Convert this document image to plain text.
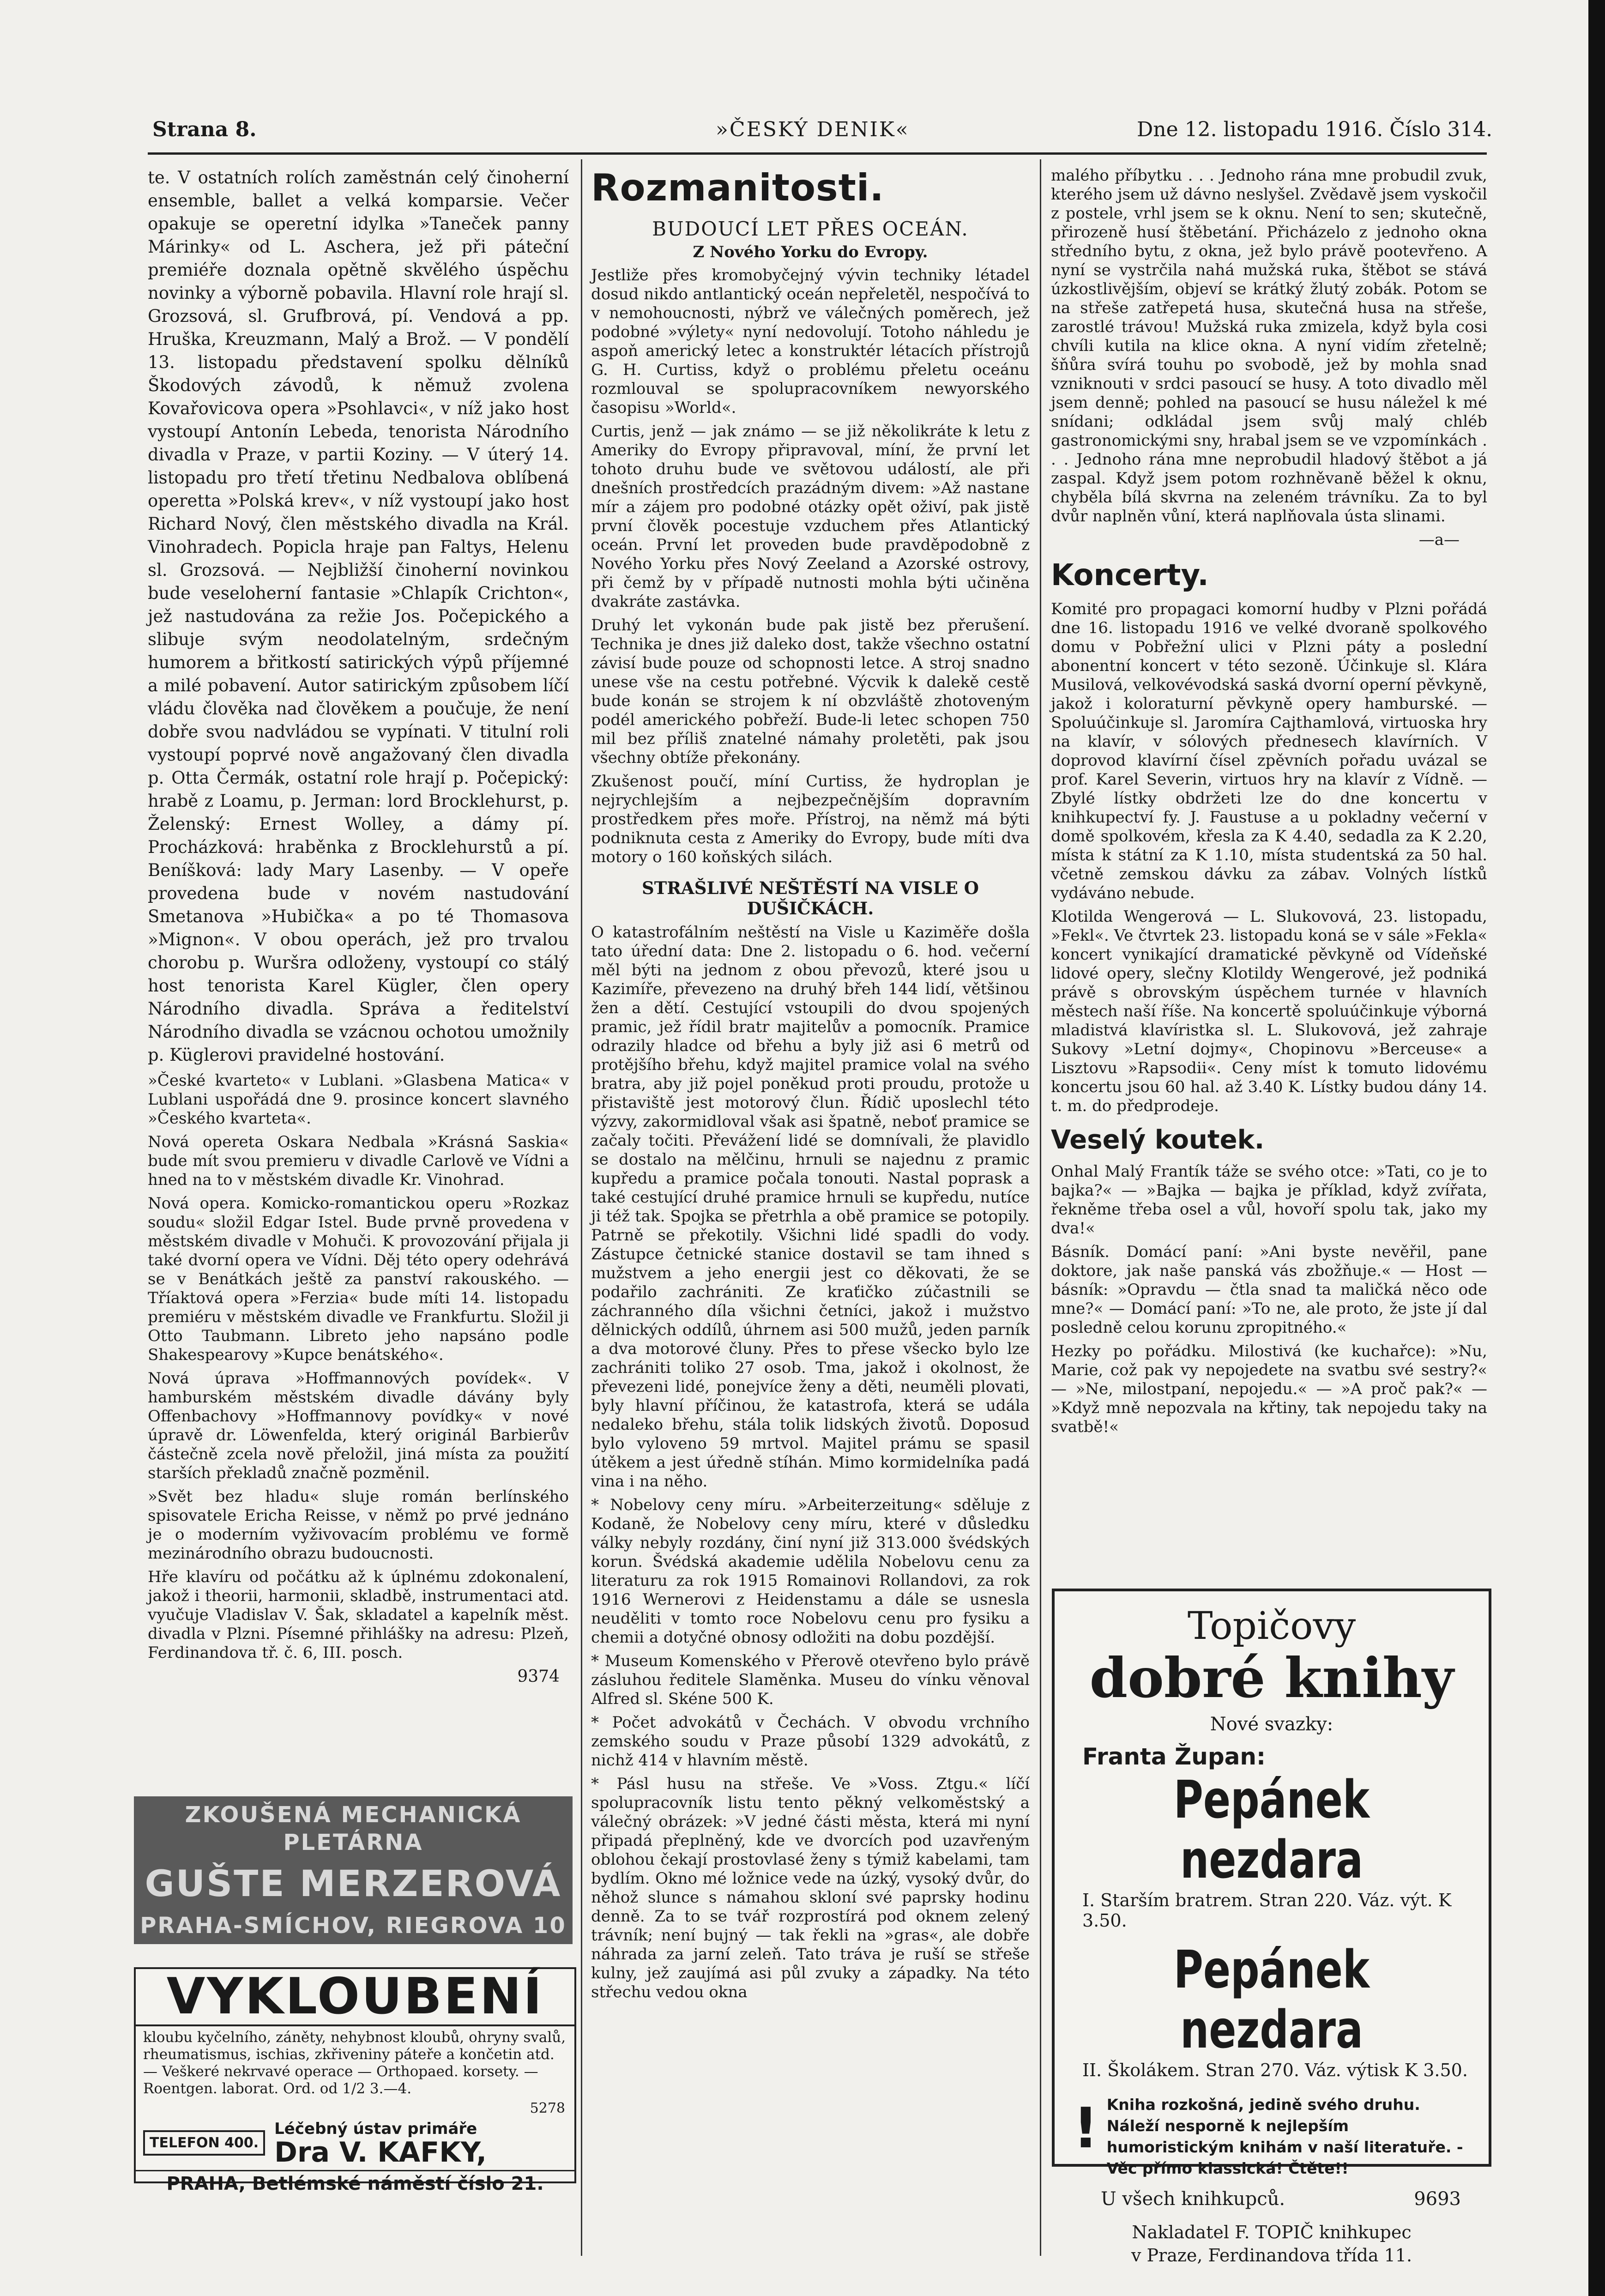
Strana 8.	»ČESKÝ DENIK«	Dne 12. listopadu 1916. Číslo 314.

te. V ostatních rolích zaměstnán celý činoherní ensemble, ballet a velká komparsie. Večer opakuje se operetní idylka »Taneček panny Márinky« od L. Aschera, jež při páteční premiéře doznala opětně skvělého úspěchu novinky a výborně pobavila. Hlavní role hrají sl. Grozsová, sl. Grufbrová, pí. Vendová a pp. Hruška, Kreuzmann, Malý a Brož. — V pondělí 13. listopadu představení spolku dělníků Škodových závodů, k němuž zvolena Kovařovicova opera »Psohlavci«, v níž jako host vystoupí Antonín Lebeda, tenorista Národního divadla v Praze, v partii Koziny. — V úterý 14. listopadu pro třetí třetinu Nedbalova oblíbená operetta »Polská krev«, v níž vystoupí jako host Richard Nový, člen městského divadla na Král. Vinohradech. Popicla hraje pan Faltys, Helenu sl. Grozsová. — Nejbližší činoherní novinkou bude veseloherní fantasie »Chlapík Crichton«, jež nastudována za režie Jos. Počepického a slibuje svým neodolatelným, srdečným humorem a břitkostí satirických výpů příjemné a milé pobavení. Autor satirickým způsobem líčí vládu člověka nad člověkem a poučuje, že není dobře svou nadvládou se vypínati. V titulní roli vystoupí poprvé nově angažovaný člen divadla p. Otta Čermák, ostatní role hrají p. Počepický: hrabě z Loamu, p. Jerman: lord Brocklehurst, p. Želenský: Ernest Wolley, a dámy pí. Procházková: hraběnka z Brocklehurstů a pí. Beníšková: lady Mary Lasenby. — V opeře provedena bude v novém nastudování Smetanova »Hubička« a po té Thomasova »Mignon«. V obou operách, jež pro trvalou chorobu p. Wuršra odloženy, vystoupí co stálý host tenorista Karel Kügler, člen opery Národního divadla. Správa a ředitelství Národního divadla se vzácnou ochotou umožnily p. Küglerovi pravidelné hostování.

»České kvarteto« v Lublani. »Glasbena Matica« v Lublani uspořádá dne 9. prosince koncert slavného »Českého kvarteta«.

Nová opereta Oskara Nedbala »Krásná Saskia« bude mít svou premieru v divadle Carlově ve Vídni a hned na to v městském divadle Kr. Vinohrad.

Nová opera. Komicko-romantickou operu »Rozkaz soudu« složil Edgar Istel. Bude prvně provedena v městském divadle v Mohuči. K provozování přijala ji také dvorní opera ve Vídni. Děj této opery odehrává se v Benátkách ještě za panství rakouského. — Tříaktová opera »Ferzia« bude míti 14. listopadu premiéru v městském divadle ve Frankfurtu. Složil ji Otto Taubmann. Libreto jeho napsáno podle Shakespearovy »Kupce benátského«.

Nová úprava »Hoffmannových povídek«. V hamburském městském divadle dávány byly Offenbachovy »Hoffmannovy povídky« v nové úpravě dr. Löwenfelda, který originál Barbierův částečně zcela nově přeložil, jiná místa za použití starších překladů značně pozměnil.

»Svět bez hladu« sluje román berlínského spisovatele Ericha Reisse, v němž po prvé jednáno je o moderním vyživovacím problému ve formě mezinárodního obrazu budoucnosti.

Hře klavíru od počátku až k úplnému zdokonalení, jakož i theorii, harmonii, skladbě, instrumentaci atd. vyučuje Vladislav V. Šak, skladatel a kapelník měst. divadla v Plzni. Písemné přihlášky na adresu: Plzeň, Ferdinandova tř. č. 6, III. posch.

9374
ZKOUŠENÁ MECHANICKÁ PLETÁRNA
GUŠTE MERZEROVÁ
PRAHA-SMÍCHOV, RIEGROVA 10
VYKLOUBENÍ

kloubu kyčelního, záněty, nehybnost kloubů, ohryny svalů, rheumatismus, ischias, zkřiveniny páteře a končetin atd. — Veškeré nekrvavé operace — Orthopaed. korsety. — Roentgen. laborat. Ord. od 1/2 3.—4.

5278
TELEFON 400.
Léčebný ústav primáře
Dra V. KAFKY,
PRAHA, Betlémské náměstí číslo 21.
Rozmanitosti.
BUDOUCÍ LET PŘES OCEÁN.
Z Nového Yorku do Evropy.

Jestliže přes kromobyčejný vývin techniky létadel dosud nikdo antlantický oceán nepřeletěl, nespočívá to v nemohoucnosti, nýbrž ve válečných poměrech, jež podobné »výlety« nyní nedovolují. Totoho náhledu je aspoň americký letec a konstruktér létacích přístrojů G. H. Curtiss, když o problému přeletu oceánu rozmlouval se spolupracovníkem newyorského časopisu »World«.

Curtis, jenž — jak známo — se již několikráte k letu z Ameriky do Evropy připravoval, míní, že první let tohoto druhu bude ve světovou událostí, ale při dnešních prostředcích prazádným divem: »Až nastane mír a zájem pro podobné otázky opět oživí, pak jistě první člověk pocestuje vzduchem přes Atlantický oceán. První let proveden bude pravděpodobně z Nového Yorku přes Nový Zeeland a Azorské ostrovy, při čemž by v případě nutnosti mohla býti učiněna dvakráte zastávka.

Druhý let vykonán bude pak jistě bez přerušení. Technika je dnes již daleko dost, takže všechno ostatní závisí bude pouze od schopnosti letce. A stroj snadno unese vše na cestu potřebné. Výcvik k dalekě cestě bude konán se strojem k ní obzvláště zhotoveným podél amerického pobřeží. Bude-li letec schopen 750 mil bez příliš znatelné námahy proletěti, pak jsou všechny obtíže překonány.

Zkušenost poučí, míní Curtiss, že hydroplan je nejrychlejším a nejbezpečnějším dopravním prostředkem přes moře. Přístroj, na němž má býti podniknuta cesta z Ameriky do Evropy, bude míti dva motory o 160 koňských silách.

STRAŠLIVÉ NEŠTĚSTÍ NA VISLE O DUŠIČKÁCH.

O katastrofálním neštěstí na Visle u Kaziměře došla tato úřední data: Dne 2. listopadu o 6. hod. večerní měl býti na jednom z obou převozů, které jsou u Kazimíře, převezeno na druhý břeh 144 lidí, většinou žen a dětí. Cestující vstoupili do dvou spojených pramic, jež řídil bratr majitelův a pomocník. Pramice odrazily hladce od břehu a byly již asi 6 metrů od protějšího břehu, když majitel pramice volal na svého bratra, aby již pojel poněkud proti proudu, protože u přistaviště jest motorový člun. Řídič uposlechl této výzvy, zakormidloval však asi špatně, neboť pramice se začaly točiti. Převážení lidé se domnívali, že plavidlo se dostalo na mělčinu, hrnuli se najednu z pramic kupředu a pramice počala tonouti. Nastal poprask a také cestující druhé pramice hrnuli se kupředu, nutíce ji též tak. Spojka se přetrhla a obě pramice se potopily. Patrně se překotily. Všichni lidé spadli do vody. Zástupce četnické stanice dostavil se tam ihned s mužstvem a jeho energii jest co děkovati, že se podařilo zachrániti. Ze kraťičko zúčastnili se záchranného díla všichni četníci, jakož i mužstvo dělnických oddílů, úhrnem asi 500 mužů, jeden parník a dva motorové čluny. Přes to přese všecko bylo lze zachrániti toliko 27 osob. Tma, jakož i okolnost, že převezeni lidé, ponejvíce ženy a děti, neuměli plovati, byly hlavní příčinou, že katastrofa, která se udála nedaleko břehu, stála tolik lidských životů. Doposud bylo vyloveno 59 mrtvol. Majitel prámu se spasil útěkem a jest úředně stíhán. Mimo kormidelníka padá vina i na něho.

* Nobelovy ceny míru. »Arbeiterzeitung« sděluje z Kodaně, že Nobelovy ceny míru, které v důsledku války nebyly rozdány, činí nyní již 313.000 švédských korun. Švédská akademie udělila Nobelovu cenu za literaturu za rok 1915 Romainovi Rollandovi, za rok 1916 Wernerovi z Heidenstamu a dále se usnesla neuděliti v tomto roce Nobelovu cenu pro fysiku a chemii a dotyčné obnosy odložiti na dobu pozdější.

* Museum Komenského v Přerově otevřeno bylo právě zásluhou ředitele Slaměnka. Museu do vínku věnoval Alfred sl. Skéne 500 K.

* Počet advokátů v Čechách. V obvodu vrchního zemského soudu v Praze působí 1329 advokátů, z nichž 414 v hlavním městě.

* Pásl husu na střeše. Ve »Voss. Ztgu.« líčí spolupracovník listu tento pěkný velkoměstský a válečný obrázek: »V jedné části města, která mi nyní připadá přeplněný, kde ve dvorcích pod uzavřeným oblohou čekají prostovlasé ženy s týmiž kabelami, tam bydlím. Okno mé ložnice vede na úzký, vysoký dvůr, do něhož slunce s námahou skloní své paprsky hodinu denně. Za to se tvář rozprostírá pod oknem zelený trávník; není bujný — tak řekli na »gras«, ale dobře náhrada za jarní zeleň. Tato tráva je ruší se střeše kulny, jež zaujímá asi půl zvuky a západky. Na této střechu vedou okna

malého příbytku . . . Jednoho rána mne probudil zvuk, kterého jsem už dávno neslyšel. Zvědavě jsem vyskočil z postele, vrhl jsem se k oknu. Není to sen; skutečně, přirozeně husí štěbetání. Přicházelo z jednoho okna středního bytu, z okna, jež bylo právě pootevřeno. A nyní se vystrčila nahá mužská ruka, štěbot se stává úzkostlivějším, objeví se krátký žlutý zobák. Potom se na střeše zatřepetá husa, skutečná husa na střeše, zarostlé trávou! Mužská ruka zmizela, když byla cosi chvíli kutila na klice okna. A nyní vidím zřetelně; šňůra svírá touhu po svobodě, jež by mohla snad vzniknouti v srdci pasoucí se husy. A toto divadlo měl jsem denně; pohled na pasoucí se husu náležel k mé snídani; odkládal jsem svůj malý chléb gastronomickými sny, hrabal jsem se ve vzpomínkách . . . Jednoho rána mne neprobudil hladový štěbot a já zaspal. Když jsem potom rozhněvaně běžel k oknu, chyběla bílá skvrna na zeleném trávníku. Za to byl dvůr naplněn vůní, která naplňovala ústa slinami.

—a—
Koncerty.

Komité pro propagaci komorní hudby v Plzni pořádá dne 16. listopadu 1916 ve velké dvoraně spolkového domu v Pobřežní ulici v Plzni páty a poslední abonentní koncert v této sezoně. Účinkuje sl. Klára Musilová, velkovévodská saská dvorní operní pěvkyně, jakož i koloraturní pěvkyně opery hamburské. — Spoluúčinkuje sl. Jaromíra Cajthamlová, virtuoska hry na klavír, v sólových přednesech klavírních. V doprovod klavírní čísel zpěvních pořadu uvázal se prof. Karel Severin, virtuos hry na klavír z Vídně. — Zbylé lístky obdržeti lze do dne koncertu v knihkupectví fy. J. Faustuse a u pokladny večerní v domě spolkovém, křesla za K 4.40, sedadla za K 2.20, místa k státní za K 1.10, místa studentská za 50 hal. včetně zemskou dávku za zábav. Volných lístků vydáváno nebude.

Klotilda Wengerová — L. Slukovová, 23. listopadu, »Fekl«. Ve čtvrtek 23. listopadu koná se v sále »Fekla« koncert vynikající dramatické pěvkyně od Vídeňské lidové opery, slečny Klotildy Wengerové, jež podniká právě s obrovským úspěchem turnée v hlavních městech naší říše. Na koncertě spoluúčinkuje výborná mladistvá klavíristka sl. L. Slukovová, jež zahraje Sukovy »Letní dojmy«, Chopinovu »Berceuse« a Lisztovu »Rapsodii«. Ceny míst k tomuto lidovému koncertu jsou 60 hal. až 3.40 K. Lístky budou dány 14. t. m. do předprodeje.

Veselý koutek.

Onhal Malý Frantík táže se svého otce: »Tati, co je to bajka?« — »Bajka — bajka je příklad, když zvířata, řekněme třeba osel a vůl, hovoří spolu tak, jako my dva!«

Básník. Domácí paní: »Ani byste nevěřil, pane doktore, jak naše panská vás zbožňuje.« — Host — básník: »Opravdu — čtla snad ta maličká něco ode mne?« — Domácí paní: »To ne, ale proto, že jste jí dal posledně celou korunu zpropitného.«

Hezky po pořádku. Milostivá (ke kuchařce): »Nu, Marie, což pak vy nepojedete na svatbu své sestry?« — »Ne, milostpaní, nepojedu.« — »A proč pak?« — »Když mně nepozvala na křtiny, tak nepojedu taky na svatbě!«

Topičovy
dobré knihy
Nové svazky:
Franta Župan:
Pepánek nezdara
I. Starším bratrem. Stran 220. Váz. výt. K 3.50.
Pepánek nezdara
II. Školákem. Stran 270. Váz. výtisk K 3.50.
! Kniha rozkošná, jedině svého druhu. Náleží nesporně k nejlepším humoristickým knihám v naší literatuře. - Věc přímo klassická! Čtěte!!
U všech knihkupců.	9693
Nakladatel F. TOPIČ knihkupec
v Praze, Ferdinandova třída 11.
